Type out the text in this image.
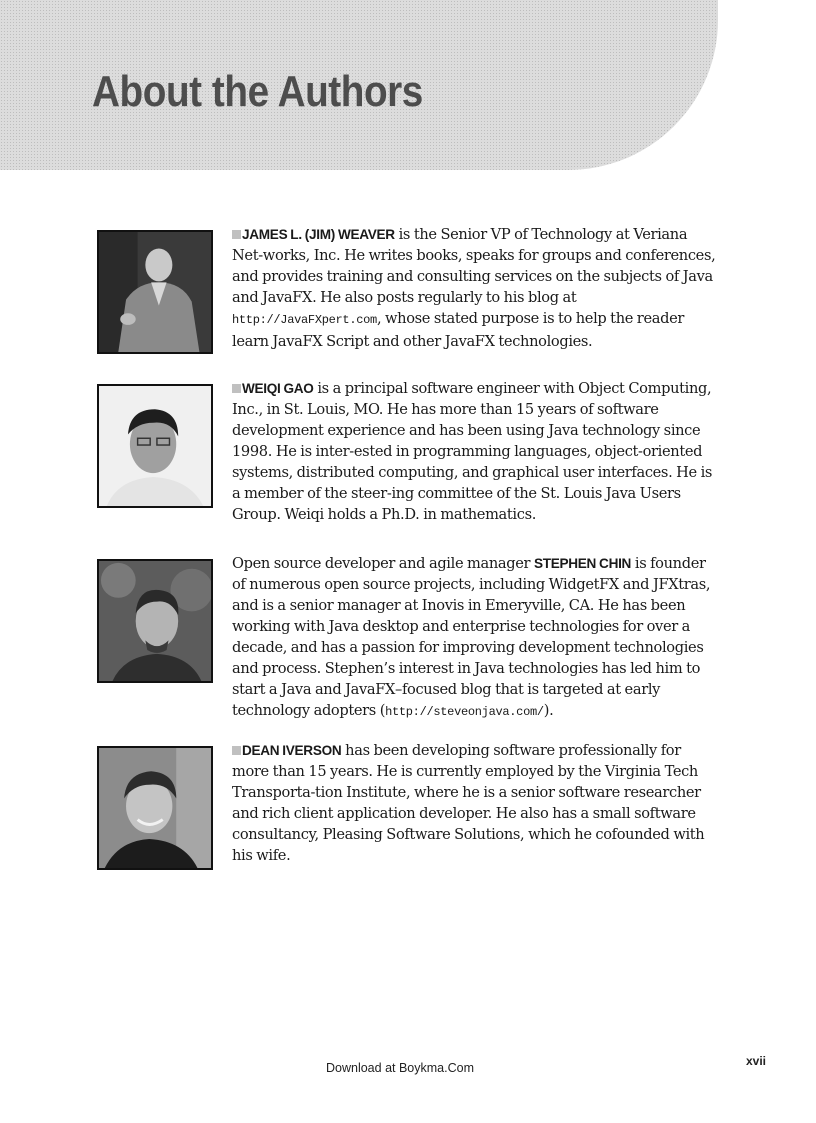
About the Authors

JAMES L. (JIM) WEAVER is the Senior VP of Technology at Veriana Net-works, Inc. He writes books, speaks for groups and conferences, and provides training and consulting services on the subjects of Java and JavaFX. He also posts regularly to his blog at http://JavaFXpert.com, whose stated purpose is to help the reader learn JavaFX Script and other JavaFX technologies.

WEIQI GAO is a principal software engineer with Object Computing, Inc., in St. Louis, MO. He has more than 15 years of software development experience and has been using Java technology since 1998. He is inter-ested in programming languages, object-oriented systems, distributed computing, and graphical user interfaces. He is a member of the steer-ing committee of the St. Louis Java Users Group. Weiqi holds a Ph.D. in mathematics.

Open source developer and agile manager STEPHEN CHIN is founder of numerous open source projects, including WidgetFX and JFXtras, and is a senior manager at Inovis in Emeryville, CA. He has been working with Java desktop and enterprise technologies for over a decade, and has a passion for improving development technologies and process. Stephen’s interest in Java technologies has led him to start a Java and JavaFX–focused blog that is targeted at early technology adopters (http://steveonjava.com/).

DEAN IVERSON has been developing software professionally for more than 15 years. He is currently employed by the Virginia Tech Transporta-tion Institute, where he is a senior software researcher and rich client application developer. He also has a small software consultancy, Pleasing Software Solutions, which he cofounded with his wife.

xvii
Download at Boykma.Com
